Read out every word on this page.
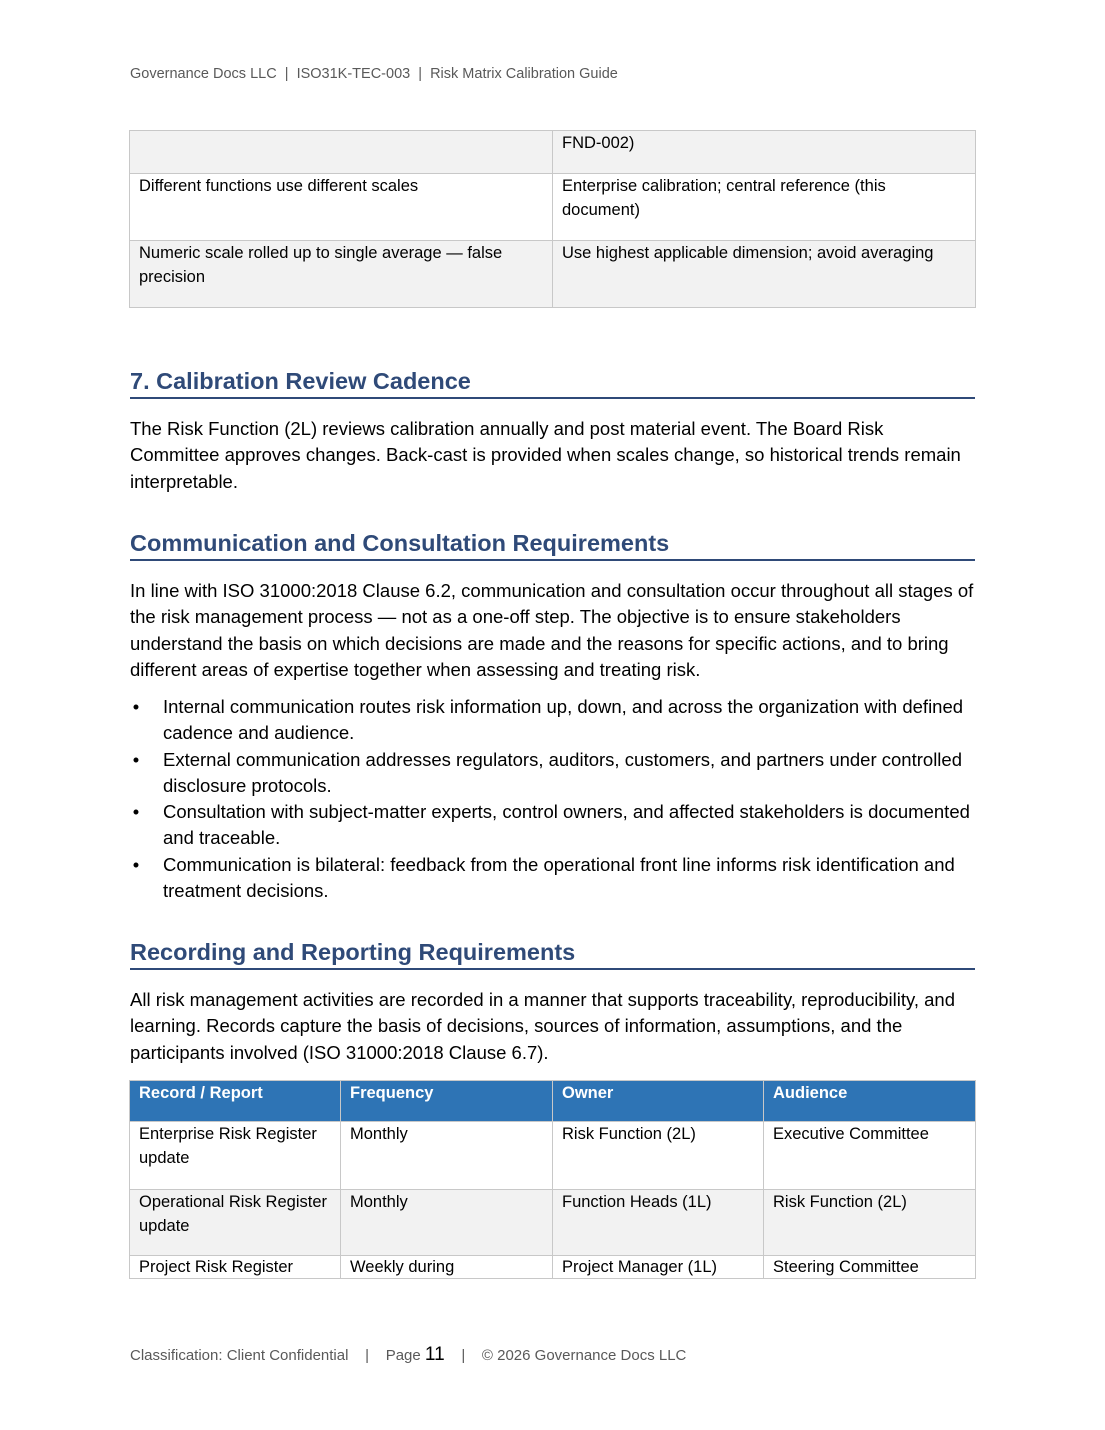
Governance Docs LLC  |  ISO31K-TEC-003  |  Risk Matrix Calibration Guide
	FND-002)
Different functions use different scales	Enterprise calibration; central reference (this document)
Numeric scale rolled up to single average — false precision	Use highest applicable dimension; avoid averaging
7. Calibration Review Cadence
The Risk Function (2L) reviews calibration annually and post material event. The Board Risk Committee approves changes. Back-cast is provided when scales change, so historical trends remain interpretable.
Communication and Consultation Requirements
In line with ISO 31000:2018 Clause 6.2, communication and consultation occur throughout all stages of the risk management process — not as a one-off step. The objective is to ensure stakeholders understand the basis on which decisions are made and the reasons for specific actions, and to bring different areas of expertise together when assessing and treating risk.
• Internal communication routes risk information up, down, and across the organization with defined cadence and audience.
• External communication addresses regulators, auditors, customers, and partners under controlled disclosure protocols.
• Consultation with subject-matter experts, control owners, and affected stakeholders is documented and traceable.
• Communication is bilateral: feedback from the operational front line informs risk identification and treatment decisions.
Recording and Reporting Requirements
All risk management activities are recorded in a manner that supports traceability, reproducibility, and learning. Records capture the basis of decisions, sources of information, assumptions, and the participants involved (ISO 31000:2018 Clause 6.7).
Record / Report	Frequency	Owner	Audience

Enterprise Risk Register update	Monthly	Risk Function (2L)	Executive Committee
Operational Risk Register update	Monthly	Function Heads (1L)	Risk Function (2L)
Project Risk Register	Weekly during	Project Manager (1L)	Steering Committee
Classification: Client Confidential | Page 11 | © 2026 Governance Docs LLC
